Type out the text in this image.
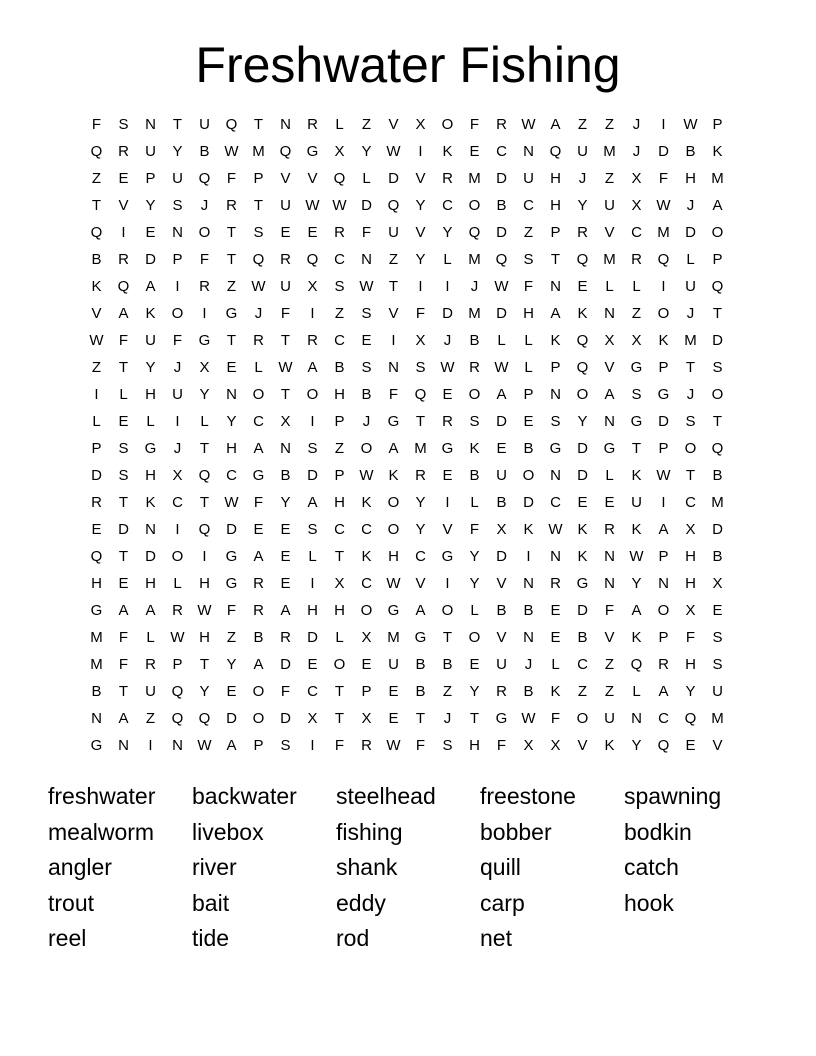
Freshwater Fishing
F	S	N	T	U	Q	T	N	R	L	Z	V	X	O	F	R W A	Z	Z	J	I	W P
Q	R	U	Y	B W M Q	G	X	Y W	I	K	E	C	N	Q	U	M	J	D	B	K
Z	E	P	U	Q	F	P	V	V	Q	L	D	V	R	M	D	U	H	J	Z	X	F	H	M
T	V	Y	S	J	R	T	U W W D	Q	Y	C	O	B	C	H	Y	U	X W	J	A
Q	I	E	N	O	T	S	E	E	R	F	U	V	Y	Q	D	Z	P	R	V	C	M	D	O
B	R	D	P	F	T	Q	R	Q	C	N	Z	Y	L	M Q	S	T	Q M	R	Q	L	P
K	Q	A	I	R	Z	W U	X	S W	T	I	I	J	W	F	N	E	L	L	I	U	Q
V	A	K	O	I	G	J	F	I	Z	S	V	F	D	M	D	H	A	K	N	Z	O	J	T
W	F	U	F	G	T	R	T	R	C	E	I	X	J	B	L	L	K	Q	X	X	K	M	D
Z	T	Y	J	X	E	L	W A	B	S	N	S W R W	L	P	Q	V	G	P	T	S
I	L	H	U	Y	N	O	T	O	H	B	F	Q	E	O	A	P	N	O	A	S	G	J	O
L	E	L	I	L	Y	C	X	I	P	J	G	T	R	S	D	E	S	Y	N	G	D	S	T
P	S	G	J	T	H	A	N	S	Z	O	A	M G	K	E	B	G	D	G	T	P	O	Q
D	S	H	X	Q	C	G	B	D	P W K	R	E	B	U	O	N	D	L	K W	T	B
R	T	K	C	T	W	F	Y	A	H	K	O	Y	I	L	B	D	C	E	E	U	I	C	M
E	D	N	I	Q	D	E	E	S	C	C	O	Y	V	F	X	K W K	R	K	A	X	D
Q	T	D	O	I	G	A	E	L	T	K	H	C	G	Y	D	I	N	K	N W P	H	B
H	E	H	L	H	G	R	E	I	X	C W V	I	Y	V	N	R	G	N	Y	N	H	X
G	A	A	R W	F	R	A	H	H	O	G	A	O	L	B	B	E	D	F	A	O	X	E
M	F	L	W H	Z	B	R	D	L	X	M G	T	O	V	N	E	B	V	K	P	F	S
M	F	R	P	T	Y	A	D	E	O	E	U	B	B	E	U	J	L	C	Z	Q	R	H	S
B	T	U	Q	Y	E	O	F	C	T	P	E	B	Z	Y	R	B	K	Z	Z	L	A	Y	U
N	A	Z	Q	Q	D	O	D	X	T	X	E	T	J	T	G W	F	O	U	N	C	Q M
G	N	I	N W A	P	S	I	F	R W	F	S	H	F	X	X	V	K	Y	Q	E	V
freshwater	backwater	steelhead	freestone	spawning
mealworm	livebox	fishing	bobber	bodkin
angler	river	shank	quill	catch
trout	bait	eddy	carp	hook
reel	tide	rod	net
